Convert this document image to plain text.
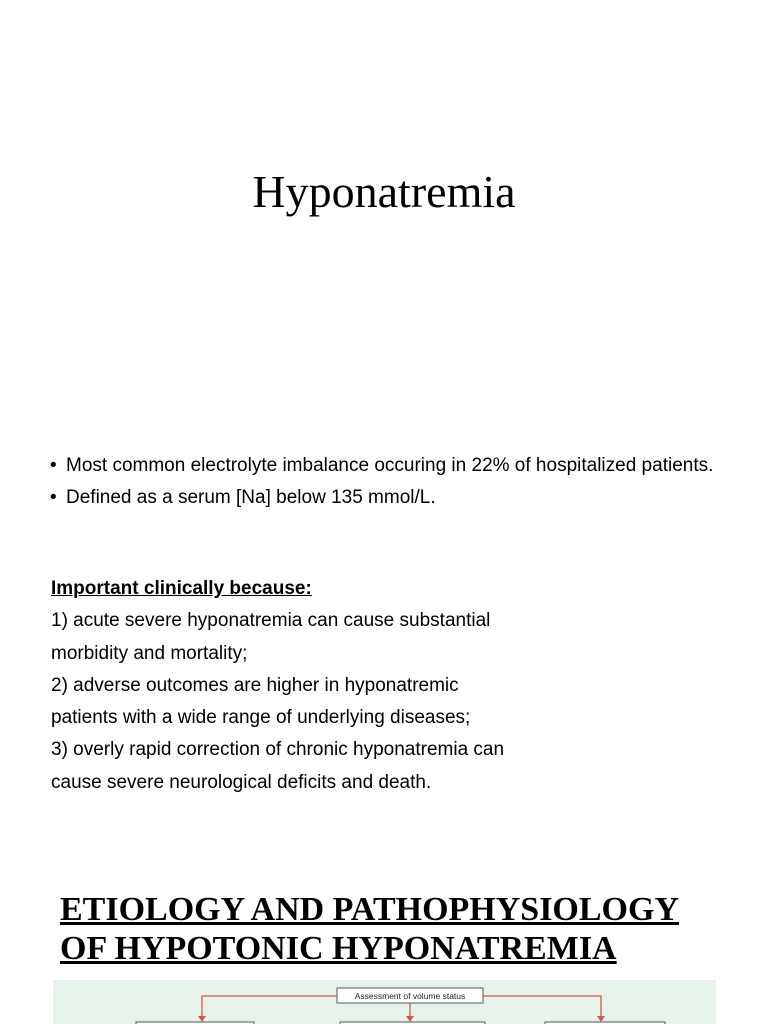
Hyponatremia
• Most common electrolyte imbalance occuring in 22% of hospitalized patients.
• Defined as a serum [Na] below 135 mmol/L.
Important clinically because:
1) acute severe hyponatremia can cause substantial
morbidity and mortality;
2) adverse outcomes are higher in hyponatremic
patients with a wide range of underlying diseases;
3) overly rapid correction of chronic hyponatremia can
cause severe neurological deficits and death.
ETIOLOGY AND PATHOPHYSIOLOGY
OF HYPOTONIC HYPONATREMIA
Assessment of volume status
